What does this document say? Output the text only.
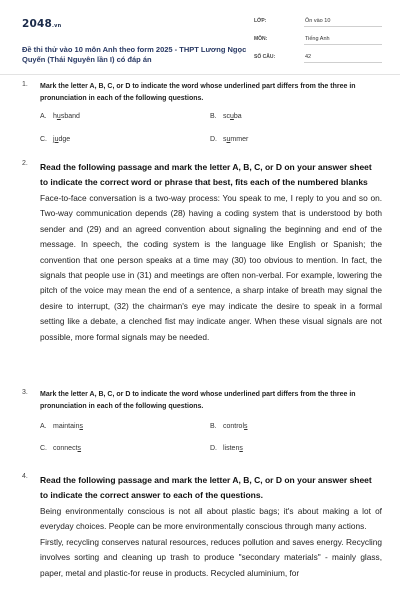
2048.vn
Đề thi thử vào 10 môn Anh theo form 2025 - THPT Lương Ngọc Quyến (Thái Nguyên lần I) có đáp án
LỚP:	Ôn vào 10
MÔN:	Tiếng Anh
SỐ CÂU:	42
1. Mark the letter A, B, C, or D to indicate the word whose underlined part differs from the three in pronunciation in each of the following questions.
A. husband	B. scuba
C. judge	D. summer
2. Read the following passage and mark the letter A, B, C, or D on your answer sheet to indicate the correct word or phrase that best, fits each of the numbered blanks

Face-to-face conversation is a two-way process: You speak to me, I reply to you and so on. Two-way communication depends (28) having a coding system that is understood by both sender and (29) and an agreed convention about signaling the beginning and end of the message. In speech, the coding system is the language like English or Spanish; the convention that one person speaks at a time may (30) too obvious to mention. In fact, the signals that people use in (31) and meetings are often non-verbal. For example, lowering the pitch of the voice may mean the end of a sentence, a sharp intake of breath may signal the desire to interrupt, (32) the chairman's eye may indicate the desire to speak in a formal setting like a debate, a clenched fist may indicate anger. When these visual signals are not possible, more formal signals may be needed.

3. Mark the letter A, B, C, or D to indicate the word whose underlined part differs from the three in pronunciation in each of the following questions.
A. maintains	B. controls
C. connects	D. listens
4. Read the following passage and mark the letter A, B, C, or D on your answer sheet to indicate the correct answer to each of the questions.

Being environmentally conscious is not all about plastic bags; it's about making a lot of everyday choices. People can be more environmentally conscious through many actions.

Firstly, recycling conserves natural resources, reduces pollution and saves energy. Recycling involves sorting and cleaning up trash to produce "secondary materials" - mainly glass, paper, metal and plastic-for reuse in products. Recycled aluminium, for
